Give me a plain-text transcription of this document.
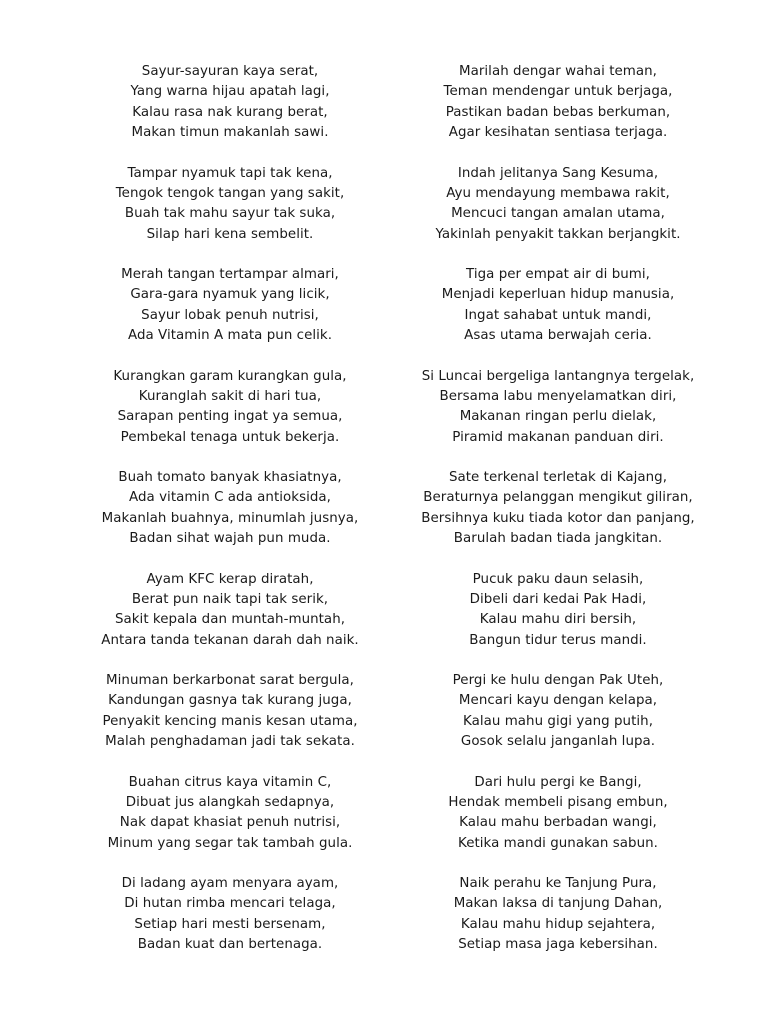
Sayur-sayuran kaya serat,
Yang warna hijau apatah lagi,
Kalau rasa nak kurang berat,
Makan timun makanlah sawi.
Tampar nyamuk tapi tak kena,
Tengok tengok tangan yang sakit,
Buah tak mahu sayur tak suka,
Silap hari kena sembelit.
Merah tangan tertampar almari,
Gara-gara nyamuk yang licik,
Sayur lobak penuh nutrisi,
Ada Vitamin A mata pun celik.
Kurangkan garam kurangkan gula,
Kuranglah sakit di hari tua,
Sarapan penting ingat ya semua,
Pembekal tenaga untuk bekerja.
Buah tomato banyak khasiatnya,
Ada vitamin C ada antioksida,
Makanlah buahnya, minumlah jusnya,
Badan sihat wajah pun muda.
Ayam KFC kerap diratah,
Berat pun naik tapi tak serik,
Sakit kepala dan muntah-muntah,
Antara tanda tekanan darah dah naik.
Minuman berkarbonat sarat bergula,
Kandungan gasnya tak kurang juga,
Penyakit kencing manis kesan utama,
Malah penghadaman jadi tak sekata.
Buahan citrus kaya vitamin C,
Dibuat jus alangkah sedapnya,
Nak dapat khasiat penuh nutrisi,
Minum yang segar tak tambah gula.
Di ladang ayam menyara ayam,
Di hutan rimba mencari telaga,
Setiap hari mesti bersenam,
Badan kuat dan bertenaga.
Marilah dengar wahai teman,
Teman mendengar untuk berjaga,
Pastikan badan bebas berkuman,
Agar kesihatan sentiasa terjaga.
Indah jelitanya Sang Kesuma,
Ayu mendayung membawa rakit,
Mencuci tangan amalan utama,
Yakinlah penyakit takkan berjangkit.
Tiga per empat air di bumi,
Menjadi keperluan hidup manusia,
Ingat sahabat untuk mandi,
Asas utama berwajah ceria.
Si Luncai bergeliga lantangnya tergelak,
Bersama labu menyelamatkan diri,
Makanan ringan perlu dielak,
Piramid makanan panduan diri.
Sate terkenal terletak di Kajang,
Beraturnya pelanggan mengikut giliran,
Bersihnya kuku tiada kotor dan panjang,
Barulah badan tiada jangkitan.
Pucuk paku daun selasih,
Dibeli dari kedai Pak Hadi,
Kalau mahu diri bersih,
Bangun tidur terus mandi.
Pergi ke hulu dengan Pak Uteh,
Mencari kayu dengan kelapa,
Kalau mahu gigi yang putih,
Gosok selalu janganlah lupa.
Dari hulu pergi ke Bangi,
Hendak membeli pisang embun,
Kalau mahu berbadan wangi,
Ketika mandi gunakan sabun.
Naik perahu ke Tanjung Pura,
Makan laksa di tanjung Dahan,
Kalau mahu hidup sejahtera,
Setiap masa jaga kebersihan.
